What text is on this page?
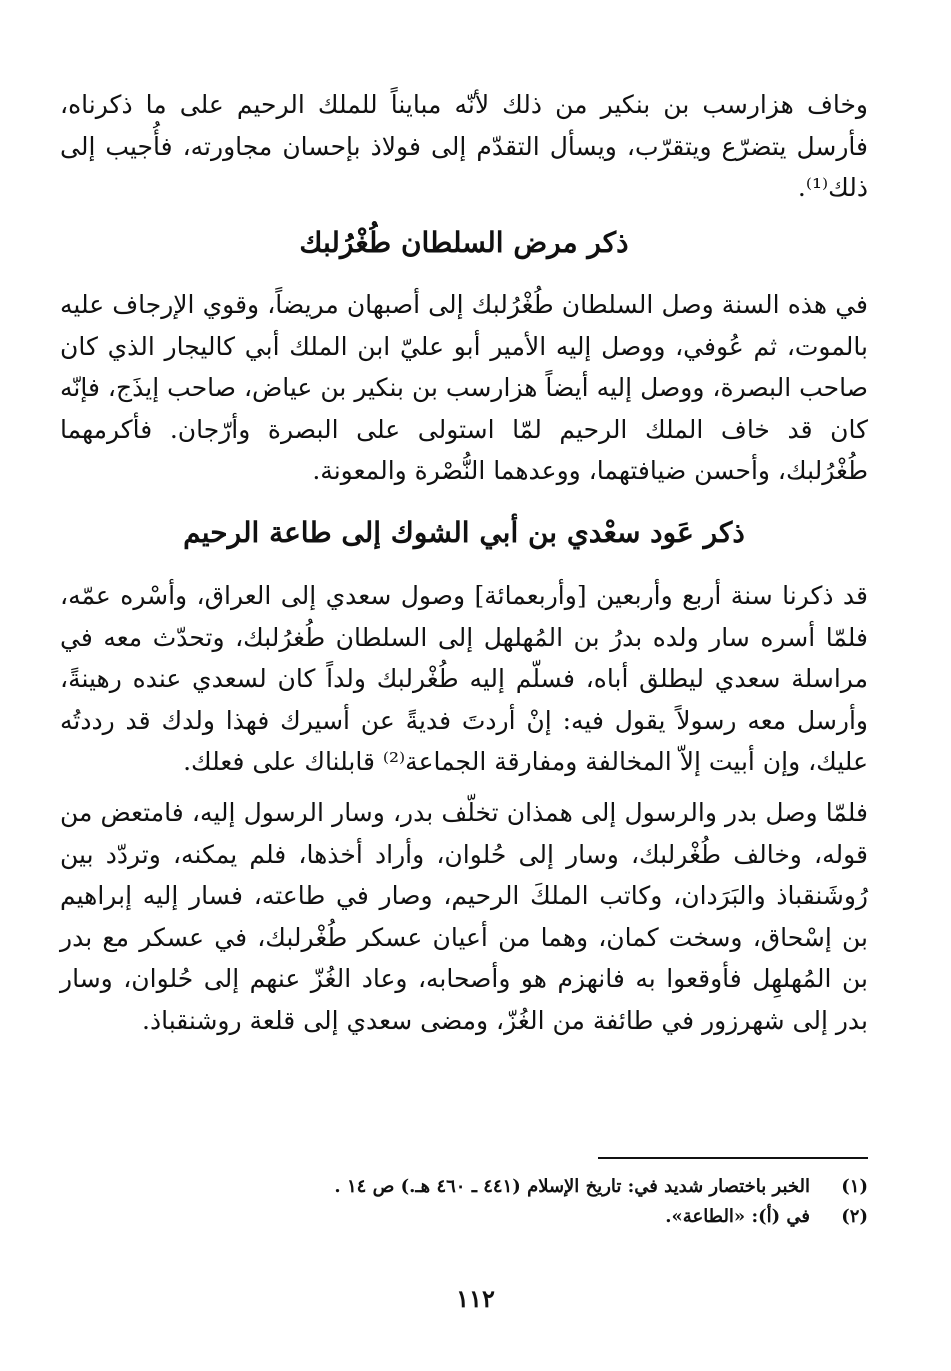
وخاف هزارسب بن بنكير من ذلك لأنّه مبايناً للملك الرحيم على ما ذكرناه، فأرسل يتضرّع ويتقرّب، ويسأل التقدّم إلى فولاذ بإحسان مجاورته، فأُجيب إلى ذلك⁽¹⁾.

ذكر مرض السلطان طُغْرُلبك

في هذه السنة وصل السلطان طُغْرُلبك إلى أصبهان مريضاً، وقوي الإرجاف عليه بالموت، ثم عُوفي، ووصل إليه الأمير أبو عليّ ابن الملك أبي كاليجار الذي كان صاحب البصرة، ووصل إليه أيضاً هزارسب بن بنكير بن عياض، صاحب إيذَج، فإنّه كان قد خاف الملك الرحيم لمّا استولى على البصرة وأرّجان. فأكرمهما طُغْرُلبك، وأحسن ضيافتهما، ووعدهما النُّصْرة والمعونة.

ذكر عَود سعْدي بن أبي الشوك إلى طاعة الرحيم

قد ذكرنا سنة أربع وأربعين [وأربعمائة] وصول سعدي إلى العراق، وأسْره عمّه، فلمّا أسره سار ولده بدرُ بن المُهلهل إلى السلطان طُغرُلبك، وتحدّث معه في مراسلة سعدي ليطلق أباه، فسلّم إليه طُغْرلبك ولداً كان لسعدي عنده رهينةً، وأرسل معه رسولاً يقول فيه: إنْ أردتَ فديةً عن أسيرك فهذا ولدك قد رددتُه عليك، وإن أبيت إلاّ المخالفة ومفارقة الجماعة⁽²⁾ قابلناك على فعلك.

فلمّا وصل بدر والرسول إلى همذان تخلّف بدر، وسار الرسول إليه، فامتعض من قوله، وخالف طُغْرلبك، وسار إلى حُلوان، وأراد أخذها، فلم يمكنه، وتردّد بين رُوشَنقباذ والبَرَدان، وكاتب الملكَ الرحيم، وصار في طاعته، فسار إليه إبراهيم بن إسْحاق، وسخت كمان، وهما من أعيان عسكر طُغْرلبك، في عسكر مع بدر بن المُهلهِل فأوقعوا به فانهزم هو وأصحابه، وعاد الغُزّ عنهم إلى حُلوان، وسار بدر إلى شهرزور في طائفة من الغُزّ، ومضى سعدي إلى قلعة روشنقباذ.

(١)
الخبر باختصار شديد في: تاريخ الإسلام (٤٤١ ـ ٤٦٠ هـ.) ص ١٤ .
(٢)
في (أ): «الطاعة».
١١٢
